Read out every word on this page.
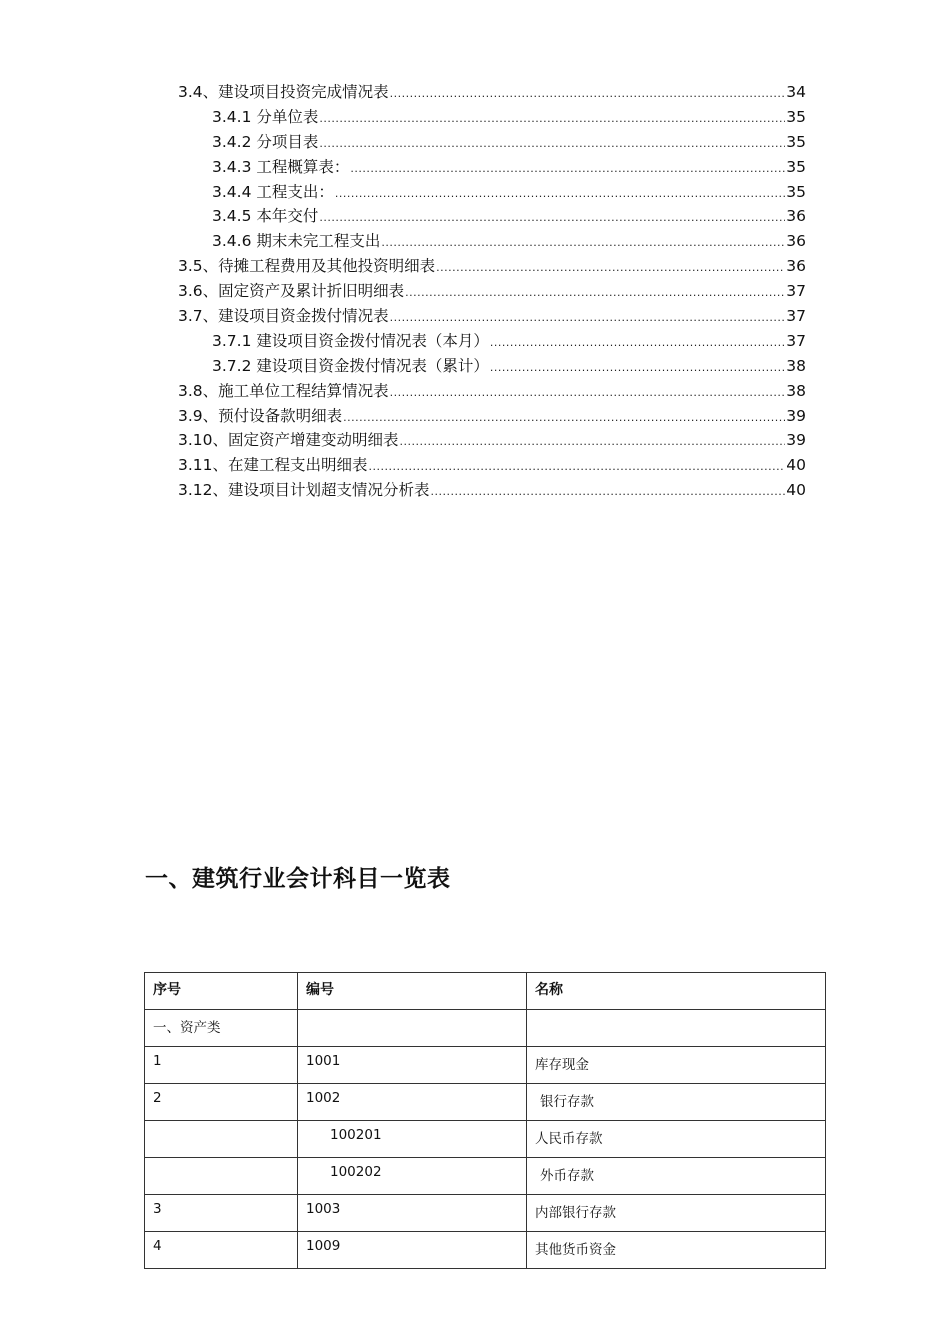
3.4、建设项目投资完成情况表 .....	34
3.4.1 分单位表 .....	35
3.4.2 分项目表 .....	35
3.4.3 工程概算表： .....	35
3.4.4 工程支出： .....	35
3.4.5 本年交付 .....	36
3.4.6 期末未完工程支出 .....	36
3.5、待摊工程费用及其他投资明细表 .....	36
3.6、固定资产及累计折旧明细表 .....	37
3.7、建设项目资金拨付情况表 .....	37
3.7.1 建设项目资金拨付情况表（本月） .....	37
3.7.2 建设项目资金拨付情况表（累计） .....	38
3.8、施工单位工程结算情况表 .....	38
3.9、预付设备款明细表 .....	39
3.10、固定资产增建变动明细表 .....	39
3.11、在建工程支出明细表 .....	40
3.12、建设项目计划超支情况分析表 .....	40
一、建筑行业会计科目一览表
序号	编号	名称
一、资产类		
1	1001	库存现金
2	1002	银行存款
	100201	人民币存款
	100202	外币存款
3	1003	内部银行存款
4	1009	其他货币资金
